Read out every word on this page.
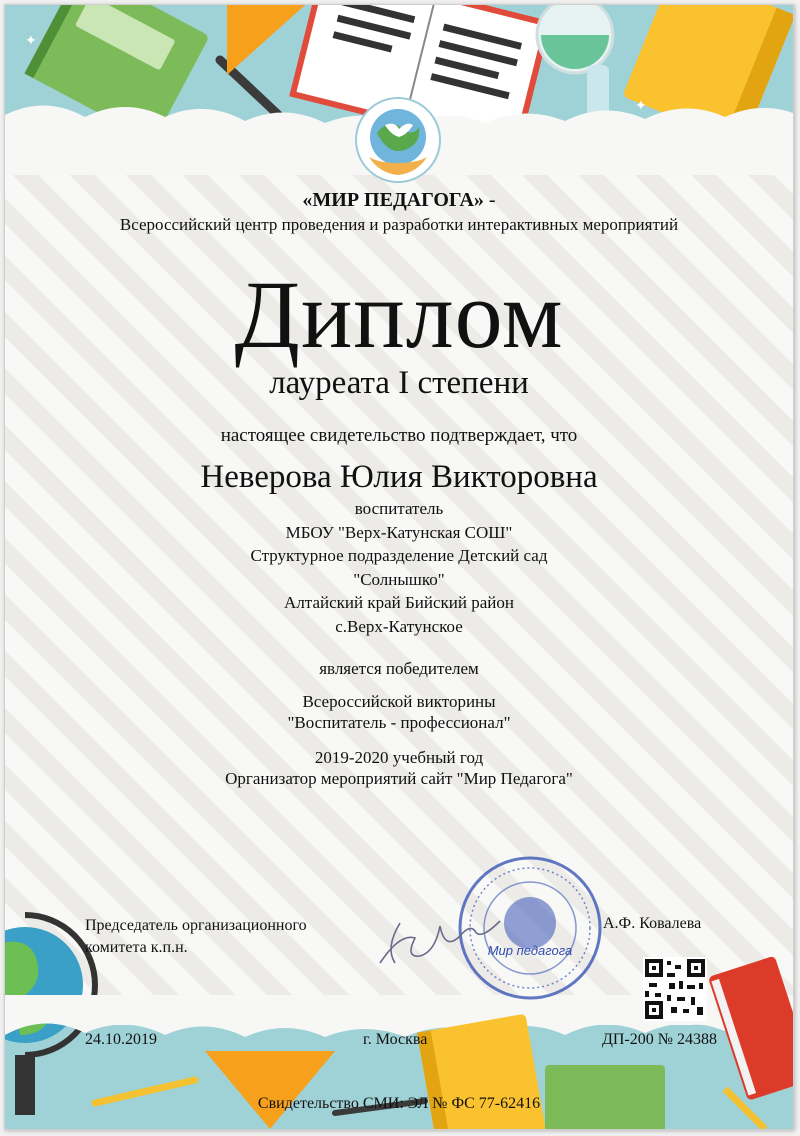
✦
✦
✦
«МИР ПЕДАГОГА» -
Всероссийский центр проведения и разработки интерактивных мероприятий
Диплом
лауреата I степени
настоящее свидетельство подтверждает, что
Неверова Юлия Викторовна
воспитатель
МБОУ "Верх-Катунская СОШ"
Структурное подразделение Детский сад
"Солнышко"
Алтайский край Бийский район
с.Верх-Катунское
является победителем
Всероссийской викторины
"Воспитатель - профессионал"
2019-2020 учебный год
Организатор мероприятий сайт "Мир Педагога"
Мир педагога
Председатель организационного
комитета к.п.н.
А.Ф. Ковалева
24.10.2019	г. Москва	ДП-200 № 24388
Свидетельство СМИ: ЭЛ № ФС 77-62416
